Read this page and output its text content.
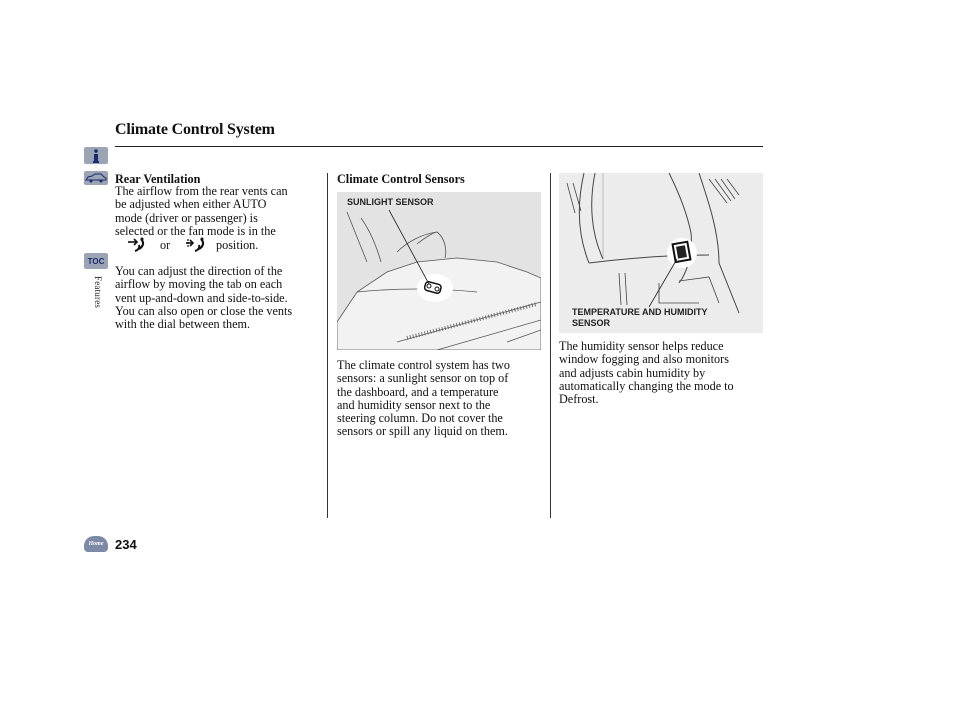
Climate Control System
TOC
Features
Home 234
Rear Ventilation
The airflow from the rear vents can
be adjusted when either AUTO
mode (driver or passenger) is
selected or the fan mode is in the
or	position.
You can adjust the direction of the
airflow by moving the tab on each
vent up-and-down and side-to-side.
You can also open or close the vents
with the dial between them.
Climate Control Sensors
SUNLIGHT SENSOR
The climate control system has two
sensors: a sunlight sensor on top of
the dashboard, and a temperature
and humidity sensor next to the
steering column. Do not cover the
sensors or spill any liquid on them.
TEMPERATURE AND HUMIDITY
SENSOR
The humidity sensor helps reduce
window fogging and also monitors
and adjusts cabin humidity by
automatically changing the mode to
Defrost.
